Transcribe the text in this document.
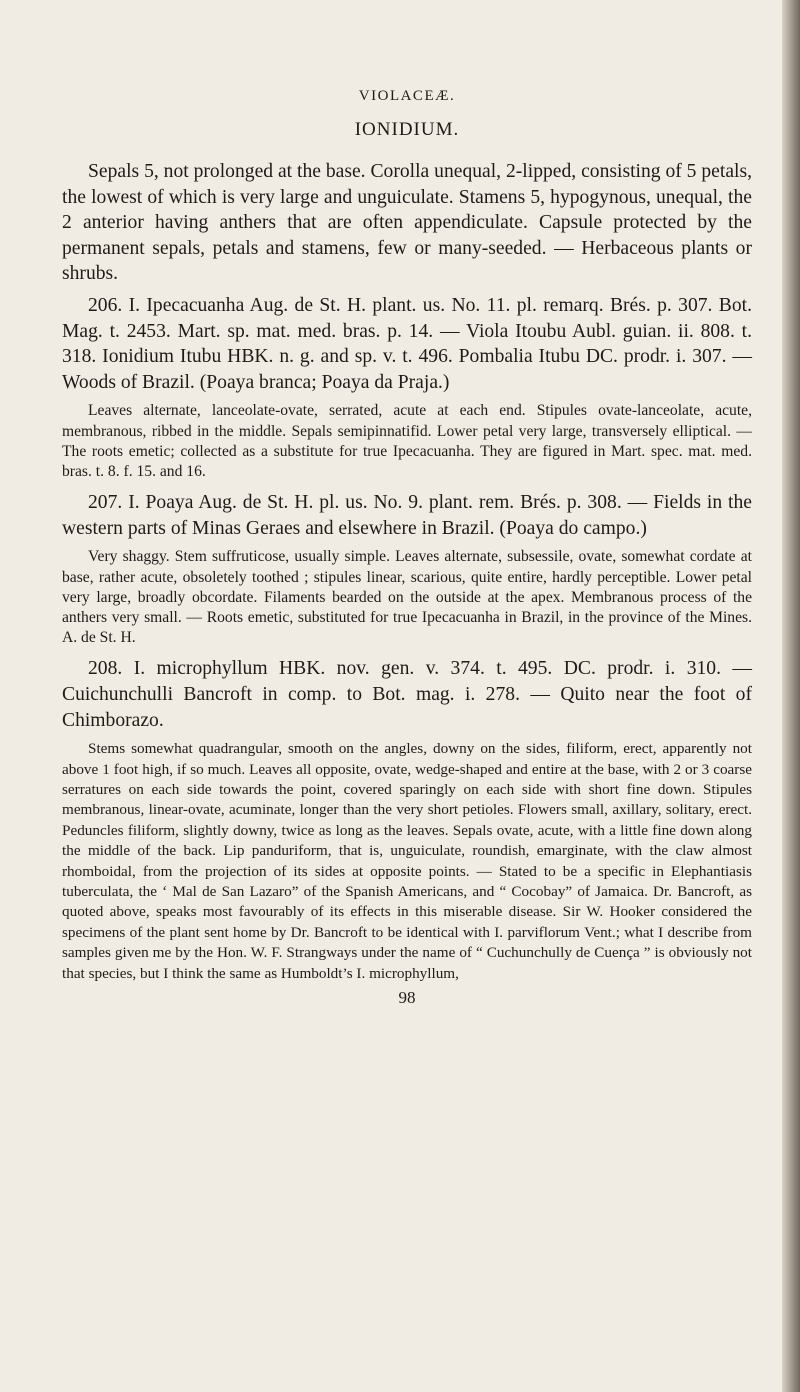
VIOLACEÆ.
IONIDIUM.

Sepals 5, not prolonged at the base. Corolla unequal, 2-lipped, consisting of 5 petals, the lowest of which is very large and unguiculate. Stamens 5, hypogynous, unequal, the 2 anterior having anthers that are often appendiculate. Capsule protected by the permanent sepals, petals and stamens, few or many-seeded. — Herbaceous plants or shrubs.

206. I. Ipecacuanha Aug. de St. H. plant. us. No. 11. pl. remarq. Brés. p. 307. Bot. Mag. t. 2453. Mart. sp. mat. med. bras. p. 14. — Viola Itoubu Aubl. guian. ii. 808. t. 318. Ionidium Itubu HBK. n. g. and sp. v. t. 496. Pombalia Itubu DC. prodr. i. 307. — Woods of Brazil. (Poaya branca; Poaya da Praja.)

Leaves alternate, lanceolate-ovate, serrated, acute at each end. Stipules ovate-lanceolate, acute, membranous, ribbed in the middle. Sepals semipinnatifid. Lower petal very large, transversely elliptical. — The roots emetic; collected as a substitute for true Ipecacuanha. They are figured in Mart. spec. mat. med. bras. t. 8. f. 15. and 16.

207. I. Poaya Aug. de St. H. pl. us. No. 9. plant. rem. Brés. p. 308. — Fields in the western parts of Minas Geraes and elsewhere in Brazil. (Poaya do campo.)

Very shaggy. Stem suffruticose, usually simple. Leaves alternate, subsessile, ovate, somewhat cordate at base, rather acute, obsoletely toothed ; stipules linear, scarious, quite entire, hardly perceptible. Lower petal very large, broadly obcordate. Filaments bearded on the outside at the apex. Membranous process of the anthers very small. — Roots emetic, substituted for true Ipecacuanha in Brazil, in the province of the Mines. A. de St. H.

208. I. microphyllum HBK. nov. gen. v. 374. t. 495. DC. prodr. i. 310. — Cuichunchulli Bancroft in comp. to Bot. mag. i. 278. — Quito near the foot of Chimborazo.

Stems somewhat quadrangular, smooth on the angles, downy on the sides, filiform, erect, apparently not above 1 foot high, if so much. Leaves all opposite, ovate, wedge-shaped and entire at the base, with 2 or 3 coarse serratures on each side towards the point, covered sparingly on each side with short fine down. Stipules membranous, linear-ovate, acuminate, longer than the very short petioles. Flowers small, axillary, solitary, erect. Peduncles filiform, slightly downy, twice as long as the leaves. Sepals ovate, acute, with a little fine down along the middle of the back. Lip panduriform, that is, unguiculate, roundish, emarginate, with the claw almost rhomboidal, from the projection of its sides at opposite points. — Stated to be a specific in Elephantiasis tuberculata, the ‘ Mal de San Lazaro” of the Spanish Americans, and “ Cocobay” of Jamaica. Dr. Bancroft, as quoted above, speaks most favourably of its effects in this miserable disease. Sir W. Hooker considered the specimens of the plant sent home by Dr. Bancroft to be identical with I. parviflorum Vent.; what I describe from samples given me by the Hon. W. F. Strangways under the name of “ Cuchunchully de Cuença ” is obviously not that species, but I think the same as Humboldt’s I. microphyllum,

98
